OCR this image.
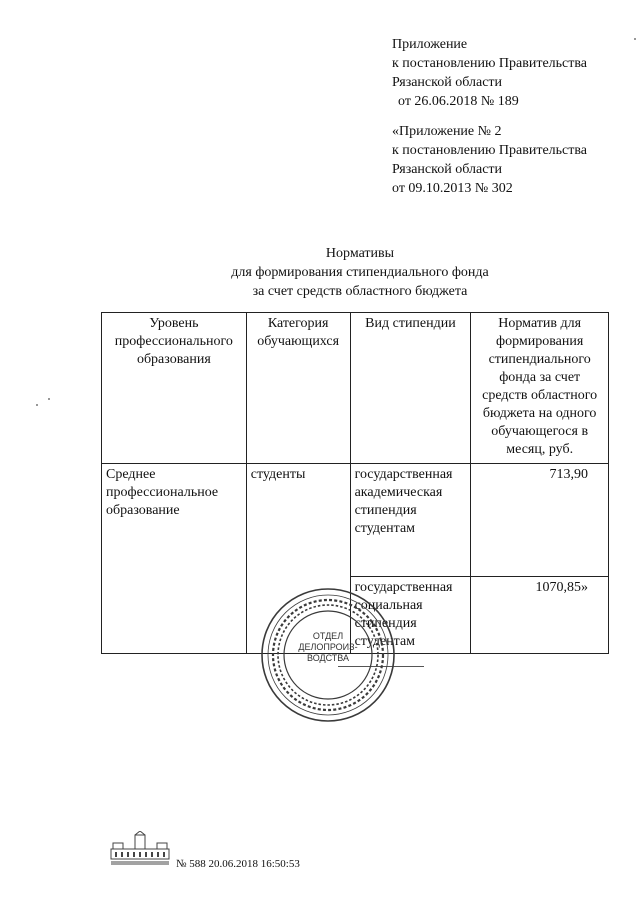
Приложение
к постановлению Правительства
Рязанской области
от 26.06.2018 № 189
«Приложение № 2
к постановлению Правительства
Рязанской области
от 09.10.2013 № 302
Нормативы
для формирования стипендиального фонда
за счет средств областного бюджета
Уровень профессионального образования	Категория обучающихся	Вид стипендии	Норматив для формирования стипендиального фонда за счет средств областного бюджета на одного обучающегося в месяц, руб.
Среднее профессиональное образование	студенты	государственная академическая стипендия студентам	713,90
		государственная социальная стипендия студентам	1070,85»
ОТДЕЛ ДЕЛОПРОИЗ- ВОДСТВА
№ 588 20.06.2018 16:50:53
